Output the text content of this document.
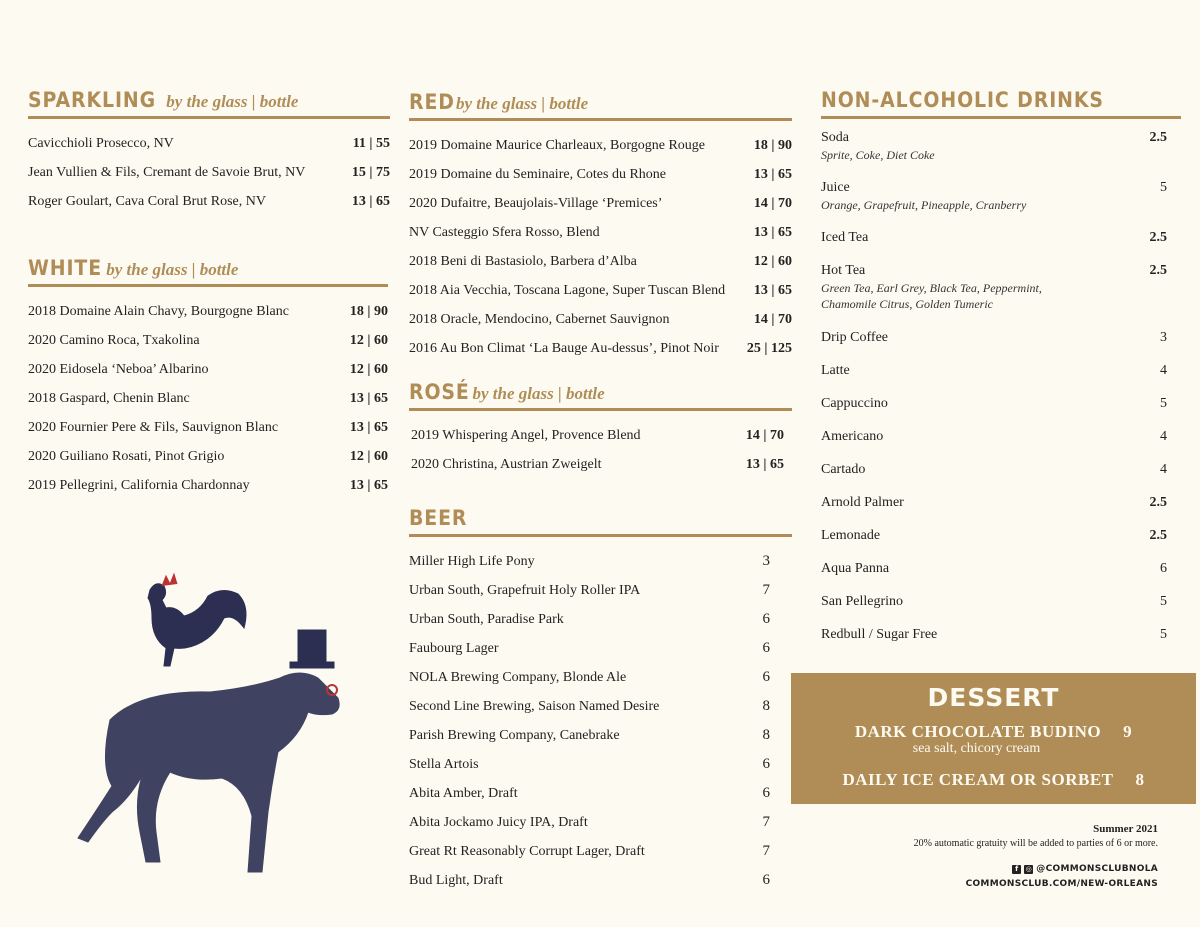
SPARKLING by the glass | bottle
Cavicchioli Prosecco, NV	11 | 55
Jean Vullien & Fils, Cremant de Savoie Brut, NV	15 | 75
Roger Goulart, Cava Coral Brut Rose, NV	13 | 65
WHITE by the glass | bottle
2018 Domaine Alain Chavy, Bourgogne Blanc	18 | 90
2020 Camino Roca, Txakolina	12 | 60
2020 Eidosela ‘Neboa’ Albarino	12 | 60
2018 Gaspard, Chenin Blanc	13 | 65
2020 Fournier Pere & Fils, Sauvignon Blanc	13 | 65
2020 Guiliano Rosati, Pinot Grigio	12 | 60
2019 Pellegrini, California Chardonnay	13 | 65
RED by the glass | bottle
2019 Domaine Maurice Charleaux, Borgogne Rouge	18 | 90
2019 Domaine du Seminaire, Cotes du Rhone	13 | 65
2020 Dufaitre, Beaujolais-Village ‘Premices’	14 | 70
NV Casteggio Sfera Rosso, Blend	13 | 65
2018 Beni di Bastasiolo, Barbera d’Alba	12 | 60
2018 Aia Vecchia, Toscana Lagone, Super Tuscan Blend 13 | 65
2018 Oracle, Mendocino, Cabernet Sauvignon	14 | 70
2016 Au Bon Climat ‘La Bauge Au-dessus’, Pinot Noir 25 | 125
ROSÉ by the glass | bottle
2019 Whispering Angel, Provence Blend	14 | 70
2020 Christina, Austrian Zweigelt	13 | 65
BEER
Miller High Life Pony	3
Urban South, Grapefruit Holy Roller IPA	7
Urban South, Paradise Park	6
Faubourg Lager	6
NOLA Brewing Company, Blonde Ale	6
Second Line Brewing, Saison Named Desire	8
Parish Brewing Company, Canebrake	8
Stella Artois	6
Abita Amber, Draft	6
Abita Jockamo Juicy IPA, Draft	7
Great Rt Reasonably Corrupt Lager, Draft	7
Bud Light, Draft	6
NON-ALCOHOLIC DRINKS
Soda	2.5
Sprite, Coke, Diet Coke
Juice	5
Orange, Grapefruit, Pineapple, Cranberry
Iced Tea	2.5
Hot Tea	2.5
Green Tea, Earl Grey, Black Tea, Peppermint, Chamomile Citrus, Golden Tumeric
Drip Coffee	3
Latte	4
Cappuccino	5
Americano	4
Cartado	4
Arnold Palmer	2.5
Lemonade	2.5
Aqua Panna	6
San Pellegrino	5
Redbull / Sugar Free	5
DESSERT
DARK CHOCOLATE BUDINO 9
sea salt, chicory cream
DAILY ICE CREAM OR SORBET 8
Summer 2021
20% automatic gratuity will be added to parties of 6 or more.
f	◎ @COMMONSCLUBNOLA
COMMONSCLUB.COM/NEW-ORLEANS
